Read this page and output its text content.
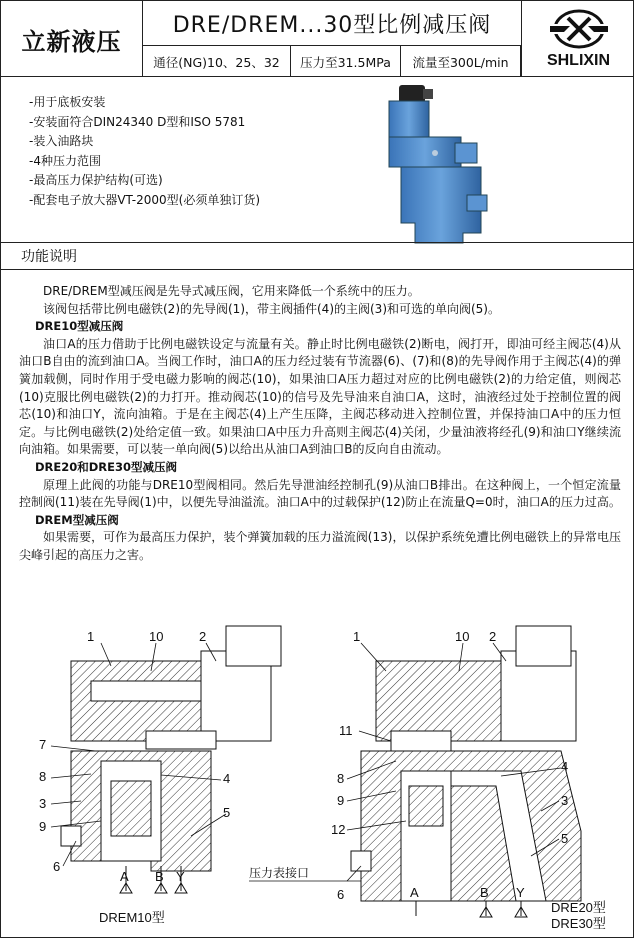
立新液压
DRE/DREM...30型比例减压阀
通径(NG)10、25、32	压力至31.5MPa	流量至300L/min	SHLIXIN
-用于底板安装
-安装面符合DIN24340 D型和ISO 5781
-装入油路块
-4种压力范围
-最高压力保护结构(可选)
-配套电子放大器VT-2000型(必须单独订货)
功能说明

DRE/DREM型减压阀是先导式减压阀，它用来降低一个系统中的压力。

该阀包括带比例电磁铁(2)的先导阀(1)，带主阀插件(4)的主阀(3)和可选的单向阀(5)。

DRE10型减压阀

油口A的压力借助于比例电磁铁设定与流量有关。静止时比例电磁铁(2)断电，阀打开，即油可经主阀芯(4)从油口B自由的流到油口A。当阀工作时，油口A的压力经过装有节流器(6)、(7)和(8)的先导阀作用于主阀芯(4)的弹簧加载侧，同时作用于受电磁力影响的阀芯(10)，如果油口A压力超过对应的比例电磁铁(2)的力给定值，则阀芯(10)克服比例电磁铁(2)的力打开。推动阀芯(10)的信号及先导油来自油口A，这时，油液经过处于控制位置的阀芯(10)和油口Y，流向油箱。于是在主阀芯(4)上产生压降，主阀芯移动进入控制位置，并保持油口A中的压力恒定。与比例电磁铁(2)处给定值一致。如果油口A中压力升高则主阀芯(4)关闭，少量油液将经孔(9)和油口Y继续流向油箱。如果需要，可以装一单向阀(5)以给出从油口A到油口B的反向自由流动。

DRE20和DRE30型减压阀

原理上此阀的功能与DRE10型阀相同。然后先导泄油经控制孔(9)从油口B排出。在这种阀上，一个恒定流量控制阀(11)装在先导阀(1)中，以便先导油溢流。油口A中的过载保护(12)防止在流量Q=0时，油口A的压力过高。

DREM型减压阀

如果需要，可作为最高压力保护，装个弹簧加载的压力溢流阀(13)，以保护系统免遭比例电磁铁上的异常电压尖峰引起的高压力之害。

1	10	2
7
8	4
3
9
5
6
A B Y
DREM10型
1	10 2
11
8
9
4
3
12
5
6	A	B Y
压力表接口
DRE20型
DRE30型
